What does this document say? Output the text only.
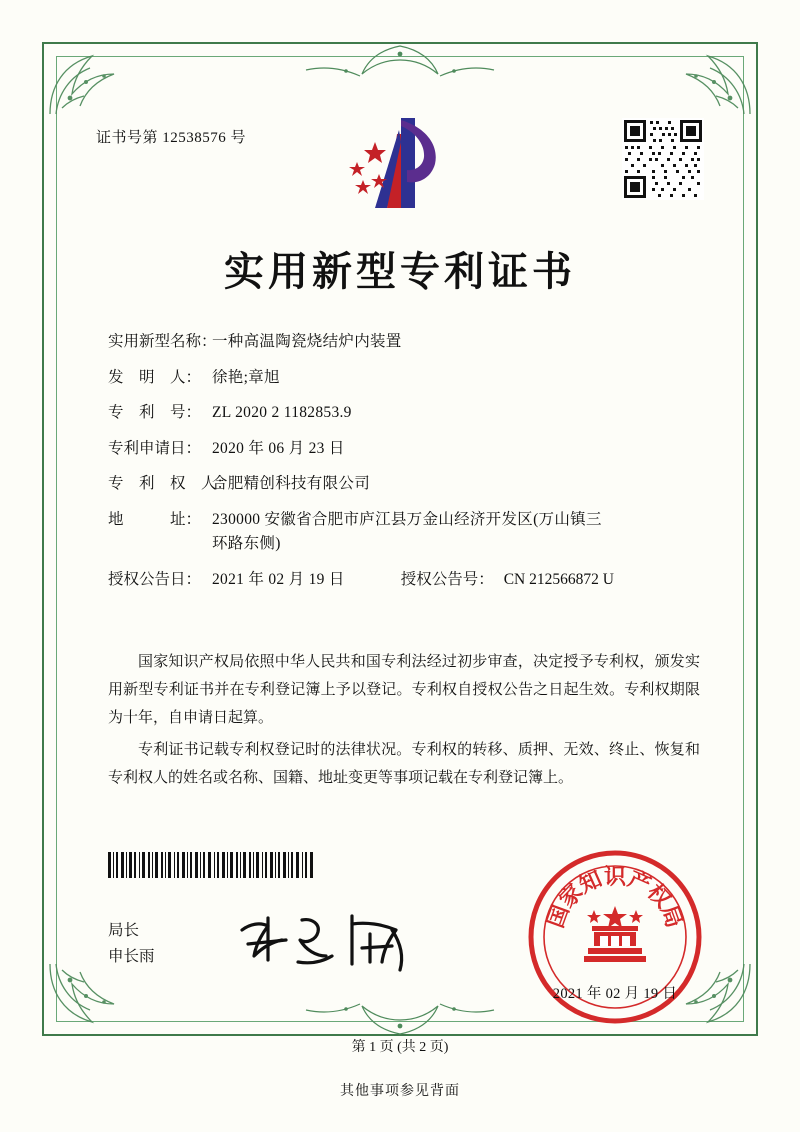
证书号第 12538576 号
实用新型专利证书
实用新型名称：
一种高温陶瓷烧结炉内装置
发　明　人： 徐艳;章旭
专　利　号： ZL 2020 2 1182853.9
专利申请日： 2020 年 06 月 23 日
专　利　权　人：
合肥精创科技有限公司
地　　　址： 230000 安徽省合肥市庐江县万金山经济开发区(万山镇三
环路东侧)
授权公告日： 2021 年 02 月 19 日	授权公告号： CN 212566872 U

国家知识产权局依照中华人民共和国专利法经过初步审查，决定授予专利权，颁发实用新型专利证书并在专利登记簿上予以登记。专利权自授权公告之日起生效。专利权期限为十年，自申请日起算。

专利证书记载专利权登记时的法律状况。专利权的转移、质押、无效、终止、恢复和专利权人的姓名或名称、国籍、地址变更等事项记载在专利登记簿上。

局长
申长雨
国
家
知
识
产
权
局
2021 年 02 月 19 日
第 1 页 (共 2 页)
其他事项参见背面
